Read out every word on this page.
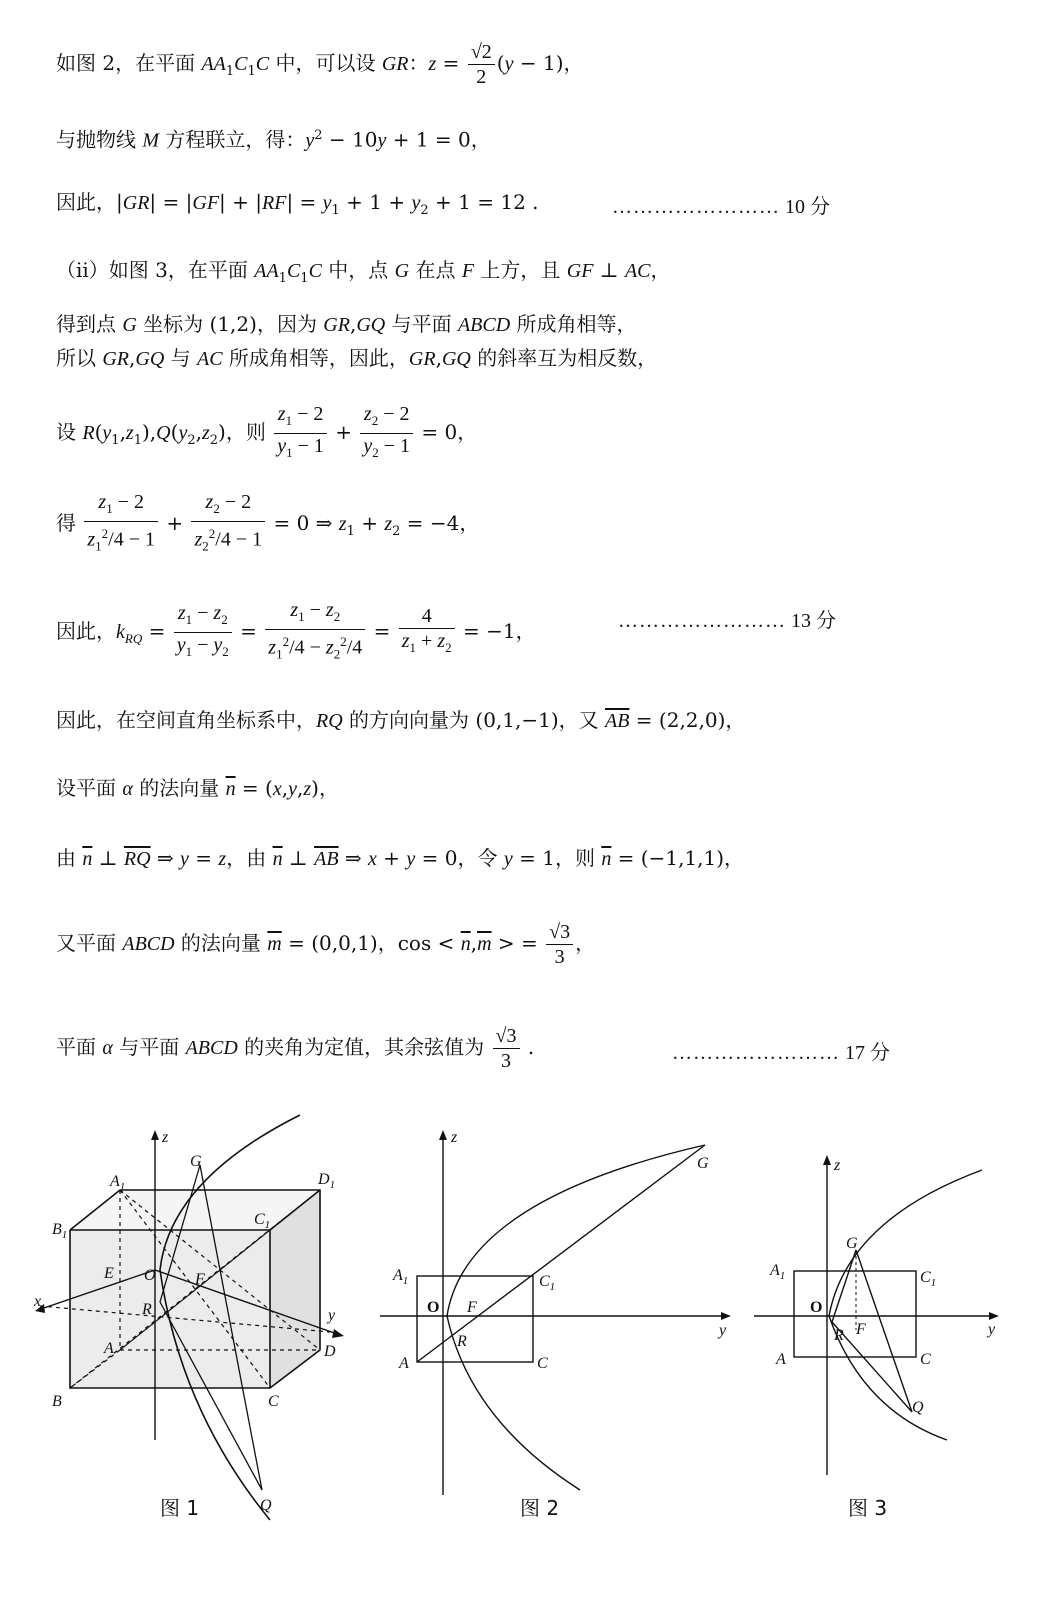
如图 2，在平面 $AA_1C_1C$ 中，可以设 GR：$z = \frac{√2}{2} (y - 1)$，
与抛物线 M 方程联立，得：$y^2 - 10y + 1 = 0$，
因此，$|GR| = |GF| + |RF| = y_1 + 1 + y_2 + 1 = 12$ .	…………………… 10 分
（ii）如图 3，在平面 $AA_1C_1C$ 中，点 G 在点 F 上方，且 GF ⊥ AC，
得到点 G 坐标为 (1,2)，因为 GR,GQ 与平面 ABCD 所成角相等，
所以 GR,GQ 与 AC 所成角相等，因此，GR,GQ 的斜率互为相反数，
设 $R(y_1,z_1),Q(y_2,z_2)$，则 $\frac{z_1 - 2}{y_1 - 1} + \frac{z_2 - 2}{y_2 - 1} = 0$，
得 $\frac{z_1 - 2}{z_1^2/4 - 1} + \frac{z_2 - 2}{z_2^2/4 - 1} = 0$ ⇒ $z_1 + z_2 = -4$，
因此，$k_{RQ} = \frac{z_1 - z_2}{y_1 - y_2} = \frac{z_1 - z_2}{z_1^2/4 - z_2^2/4} = \frac{4}{z_1 + z_2} = -1$，	…………………… 13 分
因此，在空间直角坐标系中，RQ 的方向向量为 (0,1,−1)，又 $\overline{AB} = (2,2,0)$，
设平面 α 的法向量 $\overline{n} = (x,y,z)$，
由 $\overline{n}$ ⊥ $\overline{RQ}$ ⇒ y = z，由 $\overline{n}$ ⊥ $\overline{AB}$ ⇒ x + y = 0，令 y = 1，则 $\overline{n} = (-1,1,1)$，
又平面 ABCD 的法向量 $\overline{m} = (0,0,1)$，$\cos < \overline{n},\overline{m}$ > = $\frac{√3}{3}$ ，
平面 α 与平面 ABCD 的夹角为定值，其余弦值为 $\frac{√3}{3}$ .	…………………… 17 分
z
x
y
$A_1$
$B_1$
$C_1$
$D_1$
A
B	C
D
E O F
R
G
Q
图 1
z
y
$A_1$	$C_1$
A	C
O F
R
G
图 2
z
y
$A_1$	$C_1$
A	C
O
F
R
G
Q
图 3
